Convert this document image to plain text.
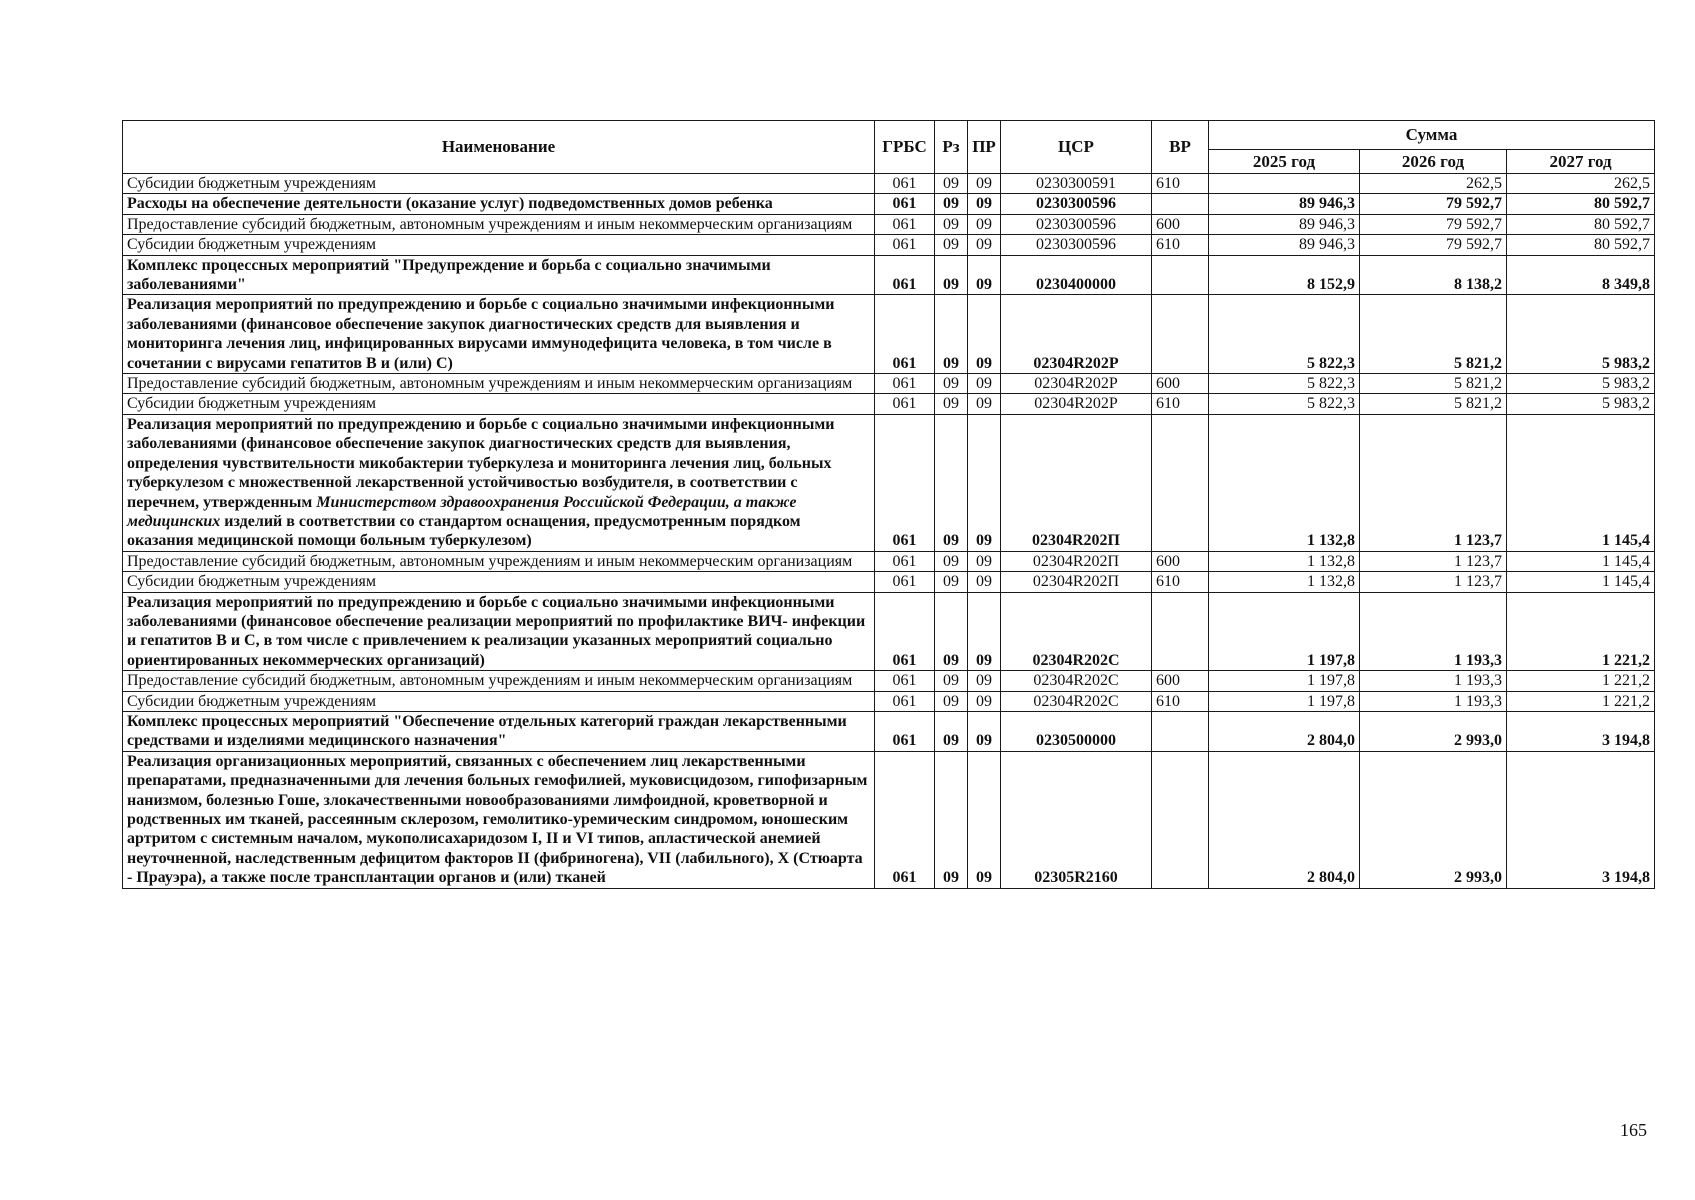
Наименование	ГРБС	Рз	ПР	ЦСР	ВР	Сумма		
						2025 год	2026 год	2027 год
Субсидии бюджетным учреждениям	061	09	09	0230300591	610		262,5	262,5
Расходы на обеспечение деятельности (оказание услуг) подведомственных домов ребенка	061	09	09	0230300596		89 946,3	79 592,7	80 592,7
Предоставление субсидий бюджетным, автономным учреждениям и иным некоммерческим организациям	061	09	09	0230300596	600	89 946,3	79 592,7	80 592,7
Субсидии бюджетным учреждениям	061	09	09	0230300596	610	89 946,3	79 592,7	80 592,7
Комплекс процессных мероприятий "Предупреждение и борьба с социально значимыми заболеваниями"	061	09	09	0230400000		8 152,9	8 138,2	8 349,8
Реализация мероприятий по предупреждению и борьбе с социально значимыми инфекционными заболеваниями (финансовое обеспечение закупок диагностических средств для выявления и мониторинга лечения лиц, инфицированных вирусами иммунодефицита человека, в том числе в сочетании с вирусами гепатитов B и (или) C)	061	09	09	02304R202Р		5 822,3	5 821,2	5 983,2
Предоставление субсидий бюджетным, автономным учреждениям и иным некоммерческим организациям	061	09	09	02304R202Р	600	5 822,3	5 821,2	5 983,2
Субсидии бюджетным учреждениям	061	09	09	02304R202Р	610	5 822,3	5 821,2	5 983,2
Реализация мероприятий по предупреждению и борьбе с социально значимыми инфекционными заболеваниями (финансовое обеспечение закупок диагностических средств для выявления, определения чувствительности микобактерии туберкулеза и мониторинга лечения лиц, больных туберкулезом с множественной лекарственной устойчивостью возбудителя, в соответствии с перечнем, утвержденным Министерством здравоохранения Российской Федерации, а также медицинских изделий в соответствии со стандартом оснащения, предусмотренным порядком оказания медицинской помощи больным туберкулезом)	061	09	09	02304R202П		1 132,8	1 123,7	1 145,4
Предоставление субсидий бюджетным, автономным учреждениям и иным некоммерческим организациям	061	09	09	02304R202П	600	1 132,8	1 123,7	1 145,4
Субсидии бюджетным учреждениям	061	09	09	02304R202П	610	1 132,8	1 123,7	1 145,4
Реализация мероприятий по предупреждению и борьбе с социально значимыми инфекционными заболеваниями (финансовое обеспечение реализации мероприятий по профилактике ВИЧ- инфекции и гепатитов B и C, в том числе с привлечением к реализации указанных мероприятий социально ориентированных некоммерческих организаций)	061	09	09	02304R202С		1 197,8	1 193,3	1 221,2
Предоставление субсидий бюджетным, автономным учреждениям и иным некоммерческим организациям	061	09	09	02304R202С	600	1 197,8	1 193,3	1 221,2
Субсидии бюджетным учреждениям	061	09	09	02304R202С	610	1 197,8	1 193,3	1 221,2
Комплекс процессных мероприятий "Обеспечение отдельных категорий граждан лекарственными средствами и изделиями медицинского назначения"	061	09	09	0230500000		2 804,0	2 993,0	3 194,8
Реализация организационных мероприятий, связанных с обеспечением лиц лекарственными препаратами, предназначенными для лечения больных гемофилией, муковисцидозом, гипофизарным нанизмом, болезнью Гоше, злокачественными новообразованиями лимфоидной, кроветворной и родственных им тканей, рассеянным склерозом, гемолитико-уремическим синдромом, юношеским артритом с системным началом, мукополисахаридозом I, II и VI типов, апластической анемией неуточненной, наследственным дефицитом факторов II (фибриногена), VII (лабильного), X (Стюарта - Прауэра), а также после трансплантации органов и (или) тканей	061	09	09	02305R2160		2 804,0	2 993,0	3 194,8
165
